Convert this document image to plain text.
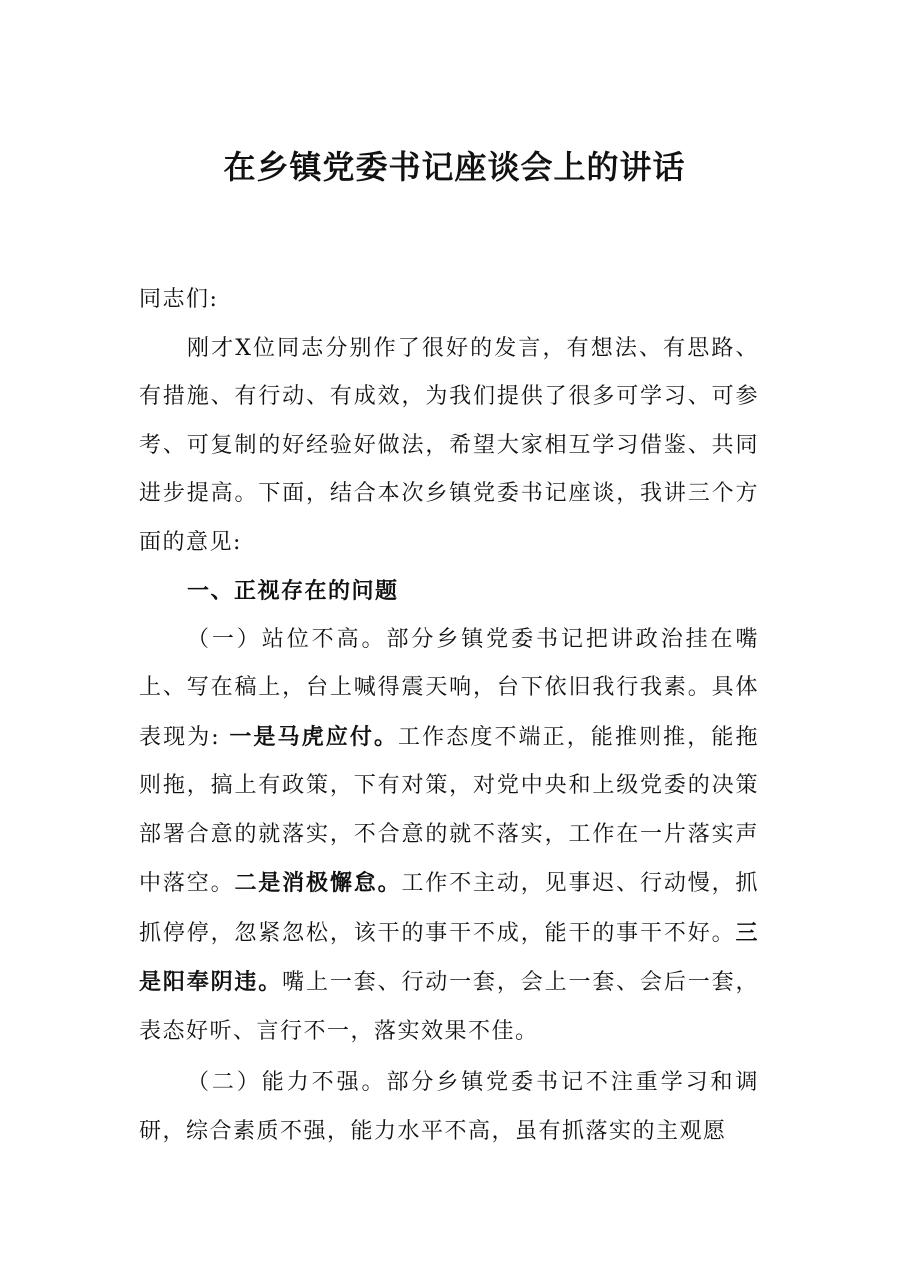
在乡镇党委书记座谈会上的讲话

同志们:

刚才X位同志分别作了很好的发言，有想法、有思路、有措施、有行动、有成效，为我们提供了很多可学习、可参考、可复制的好经验好做法，希望大家相互学习借鉴、共同进步提高。下面，结合本次乡镇党委书记座谈，我讲三个方面的意见:

一、正视存在的问题

（一）站位不高。部分乡镇党委书记把讲政治挂在嘴上、写在稿上，台上喊得震天响，台下依旧我行我素。具体表现为: 一是马虎应付。工作态度不端正，能推则推，能拖则拖，搞上有政策，下有对策，对党中央和上级党委的决策部署合意的就落实，不合意的就不落实，工作在一片落实声中落空。二是消极懈怠。工作不主动，见事迟、行动慢，抓抓停停，忽紧忽松，该干的事干不成，能干的事干不好。三是阳奉阴违。嘴上一套、行动一套，会上一套、会后一套，表态好听、言行不一，落实效果不佳。

（二）能力不强。部分乡镇党委书记不注重学习和调研，综合素质不强，能力水平不高，虽有抓落实的主观愿
